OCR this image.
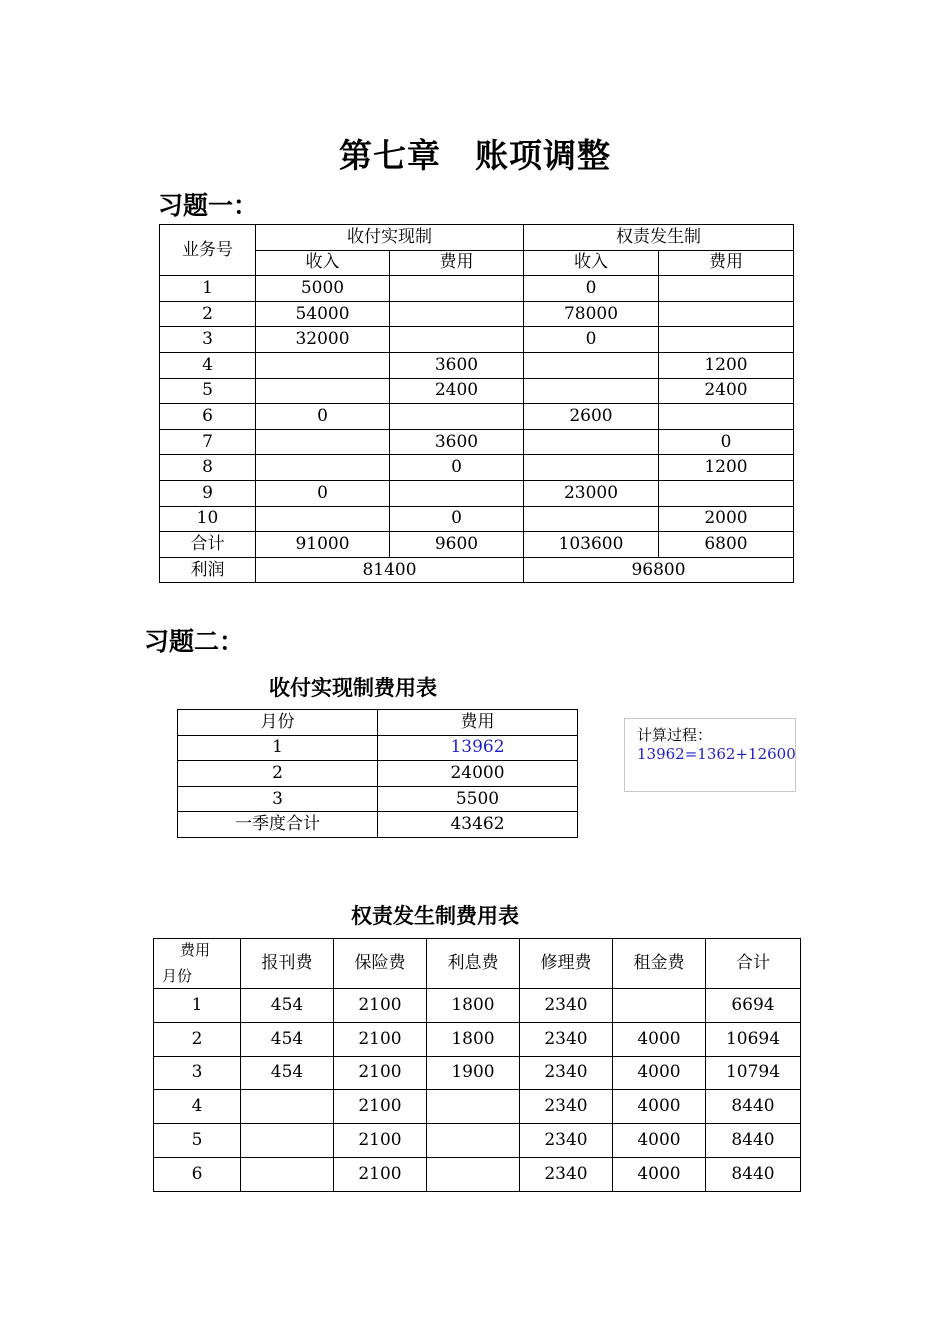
第七章　账项调整
习题一：
业务号	收付实现制		权责发生制	
	收入	费用	收入	费用
1	5000		0	
2	54000		78000	
3	32000		0	
4		3600		1200
5		2400		2400
6	0		2600	
7		3600		0
8		0		1200
9	0		23000	
10		0		2000
合计	91000	9600	103600	6800
利润	81400		96800	
习题二：
收付实现制费用表
月份	费用
1	13962
2	24000
3	5500
一季度合计	43462
计算过程：
13962=1362+12600
权责发生制费用表
费用
月份	报刊费	保险费	利息费	修理费	租金费	合计
1	454	2100	1800	2340		6694
2	454	2100	1800	2340	4000	10694
3	454	2100	1900	2340	4000	10794
4		2100		2340	4000	8440
5		2100		2340	4000	8440
6		2100		2340	4000	8440
